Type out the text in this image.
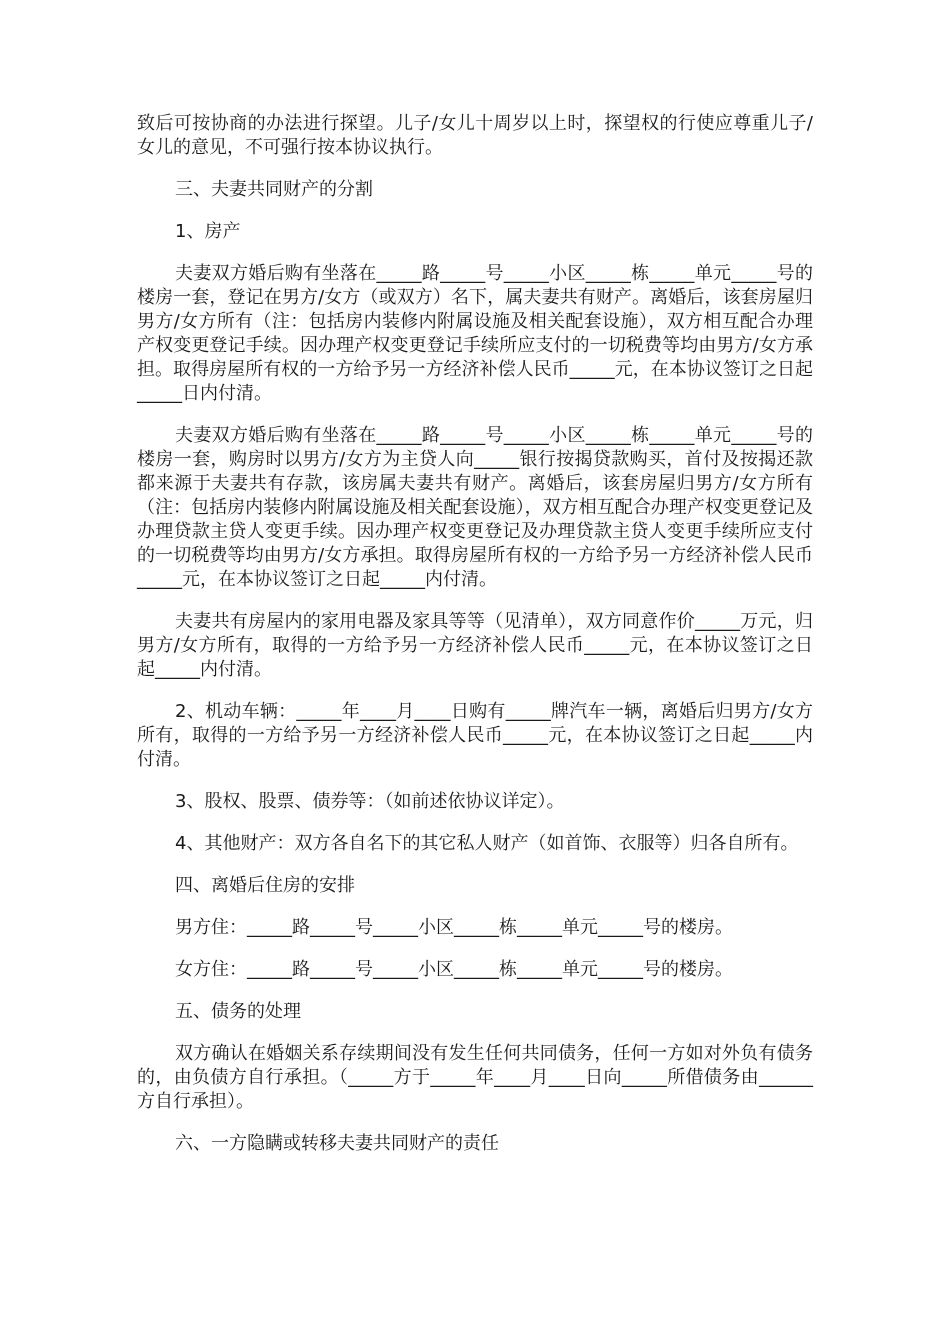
致后可按协商的办法进行探望。儿子/女儿十周岁以上时，探望权的行使应尊重儿子/女儿的意见，不可强行按本协议执行。

三、夫妻共同财产的分割

1、房产

夫妻双方婚后购有坐落在_____路_____号_____小区_____栋_____单元_____号的楼房一套，登记在男方/女方（或双方）名下，属夫妻共有财产。离婚后，该套房屋归男方/女方所有（注：包括房内装修内附属设施及相关配套设施），双方相互配合办理产权变更登记手续。因办理产权变更登记手续所应支付的一切税费等均由男方/女方承担。取得房屋所有权的一方给予另一方经济补偿人民币_____元，在本协议签订之日起_____日内付清。

夫妻双方婚后购有坐落在_____路_____号_____小区_____栋_____单元_____号的楼房一套，购房时以男方/女方为主贷人向_____银行按揭贷款购买，首付及按揭还款都来源于夫妻共有存款，该房属夫妻共有财产。离婚后，该套房屋归男方/女方所有（注：包括房内装修内附属设施及相关配套设施），双方相互配合办理产权变更登记及办理贷款主贷人变更手续。因办理产权变更登记及办理贷款主贷人变更手续所应支付的一切税费等均由男方/女方承担。取得房屋所有权的一方给予另一方经济补偿人民币_____元，在本协议签订之日起_____内付清。

夫妻共有房屋内的家用电器及家具等等（见清单），双方同意作价_____万元，归男方/女方所有，取得的一方给予另一方经济补偿人民币_____元，在本协议签订之日起_____内付清。

2、机动车辆：_____年____月____日购有_____牌汽车一辆，离婚后归男方/女方所有，取得的一方给予另一方经济补偿人民币_____元，在本协议签订之日起_____内付清。

3、股权、股票、债券等：（如前述依协议详定）。

4、其他财产：双方各自名下的其它私人财产（如首饰、衣服等）归各自所有。

四、离婚后住房的安排

男方住：_____路_____号_____小区_____栋_____单元_____号的楼房。

女方住：_____路_____号_____小区_____栋_____单元_____号的楼房。

五、债务的处理

双方确认在婚姻关系存续期间没有发生任何共同债务，任何一方如对外负有债务的，由负债方自行承担。（_____方于_____年____月____日向_____所借债务由______方自行承担）。

六、一方隐瞒或转移夫妻共同财产的责任
